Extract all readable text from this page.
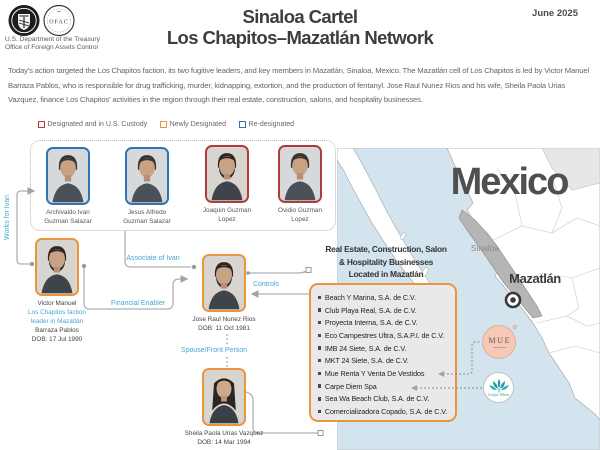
OFAC
U.S. Department of the Treasury
Office of Foreign Assets Control
Sinaloa Cartel
Los Chapitos–Mazatlán Network
June 2025
Today's action targeted the Los Chapitos faction, its two fugitive leaders, and key members in Mazatlán, Sinaloa, Mexico. The Mazatlán cell of Los Chapitos is led by Victor Manuel Barraza Pablos, who is responsible for drug trafficking, murder, kidnapping, extortion, and the production of fentanyl. Jose Raul Nunez Rios and his wife, Sheila Paola Urias Vazquez, finance Los Chapitos' activities in the region through their real estate, construction, salons, and hospitality businesses.
Designated and in U.S. Custody	Newly Designated	Re-designated
Mexico
Sinaloa
Mazatlán
Works for Ivan
Associate of Ivan
Financial Enabler
Controls
Spouse/Front Person
Archivaldo Ivan
Guzman Salazar
Jesus Alfredo
Guzman Salazar
Joaquin Guzman
Lopez
Ovidio Guzman
Lopez
Victor Manuel
Los Chapitos faction leader in Mazatlán
Barraza Pablos
DOB: 17 Jul 1990
Jose Raul Nunez Rios
DOB: 11 Oct 1981
Sheila Paola Urias Vazquez
DOB: 14 Mar 1994
Real Estate, Construction, Salon
& Hospitality Businesses
Located in Mazatlán
Beach Y Marina, S.A. de C.V.
Club Playa Real, S.A. de C.V.
Proyecta Interna, S.A. de C.V.
Eco Campestres Ultra, S.A.P.I. de C.V.
IMB 24 Siete, S.A. de C.V.
MKT 24 Siete, S.A. de C.V.
Mue Renta Y Venta De Vestidos
Carpe Diem Spa
Sea Wa Beach Club, S.A. de C.V.
Comercializadora Copado, S.A. de C.V.
MUE
Carpe Diem
